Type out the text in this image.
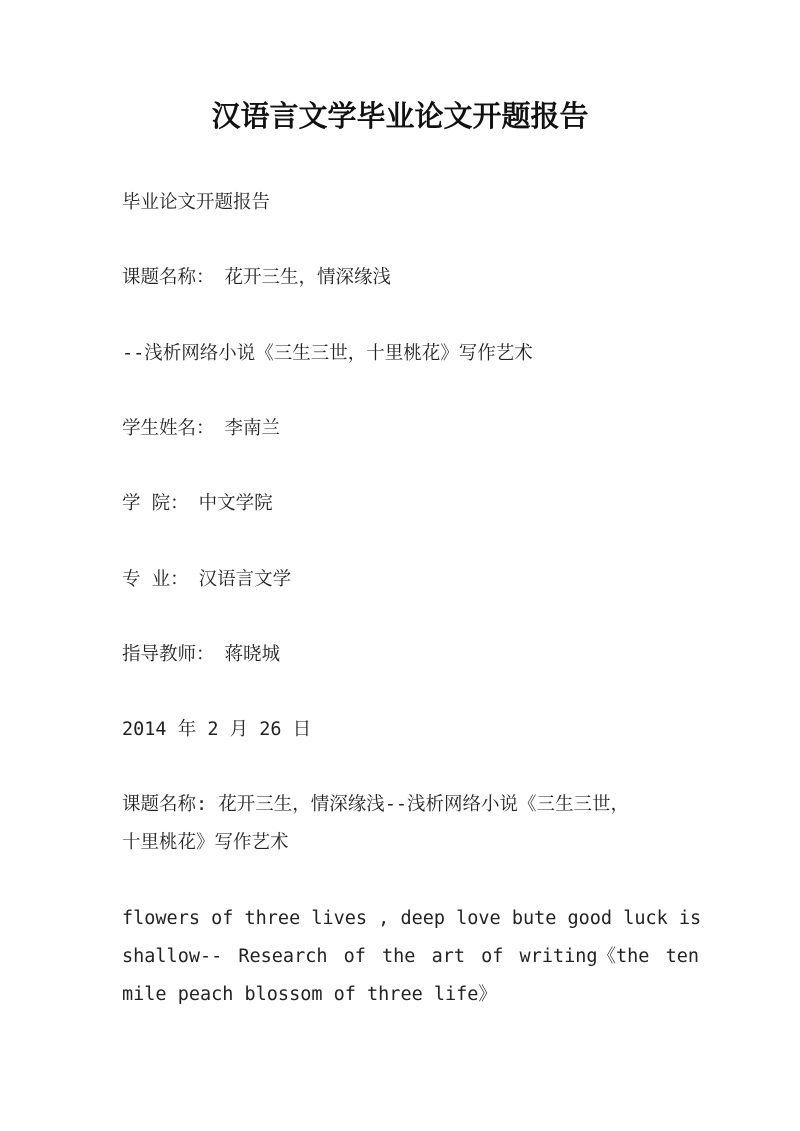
汉语言文学毕业论文开题报告

毕业论文开题报告

课题名称： 花开三生，情深缘浅

--浅析网络小说《三生三世，十里桃花》写作艺术

学生姓名： 李南兰

学 院： 中文学院

专 业： 汉语言文学

指导教师： 蒋晓城

2014 年 2 月 26 日

课题名称: 花开三生，情深缘浅--浅析网络小说《三生三世，

十里桃花》写作艺术

flowers of three lives , deep love bute good luck is

shallow-- Research of the art of writing《the ten

mile peach blossom of three life》
